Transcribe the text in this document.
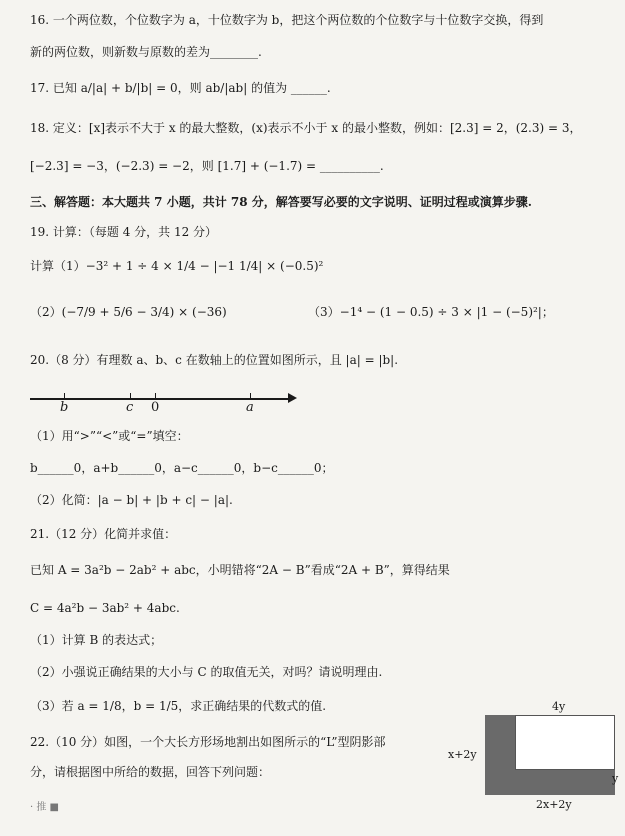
16. 一个两位数，个位数字为 a，十位数字为 b，把这个两位数的个位数字与十位数字交换，得到
新的两位数，则新数与原数的差为________.
17. 已知 a/|a| + b/|b| = 0，则 ab/|ab| 的值为 ______.
18. 定义：[x]表示不大于 x 的最大整数，(x)表示不小于 x 的最小整数，例如：[2.3] = 2，(2.3) = 3，
[−2.3] = −3，(−2.3) = −2，则 [1.7] + (−1.7) = __________.
三、解答题：本大题共 7 小题，共计 78 分，解答要写必要的文字说明、证明过程或演算步骤.
19. 计算：（每题 4 分，共 12 分）
计算（1）−3² + 1 ÷ 4 × 1/4 − |−1 1/4| × (−0.5)²
（2）(−7/9 + 5/6 − 3/4) × (−36)	（3）−1⁴ − (1 − 0.5) ÷ 3 × |1 − (−5)²|；
20.（8 分）有理数 a、b、c 在数轴上的位置如图所示，且 |a| = |b|.
b	c 0	a
（1）用“>”“<”或“=”填空：
b______0，a+b______0，a−c______0，b−c______0；
（2）化简：|a − b| + |b + c| − |a|.
21.（12 分）化简并求值：
已知 A = 3a²b − 2ab² + abc，小明错将“2A − B”看成“2A + B”，算得结果
C = 4a²b − 3ab² + 4abc.
（1）计算 B 的表达式；
（2）小强说正确结果的大小与 C 的取值无关，对吗？请说明理由.
（3）若 a = 1/8，b = 1/5，求正确结果的代数式的值.
22.（10 分）如图，一个大长方形场地割出如图所示的“L”型阴影部
分，请根据图中所给的数据，回答下列问题：
4y
x+2y
y
2x+2y
· 推 ■
